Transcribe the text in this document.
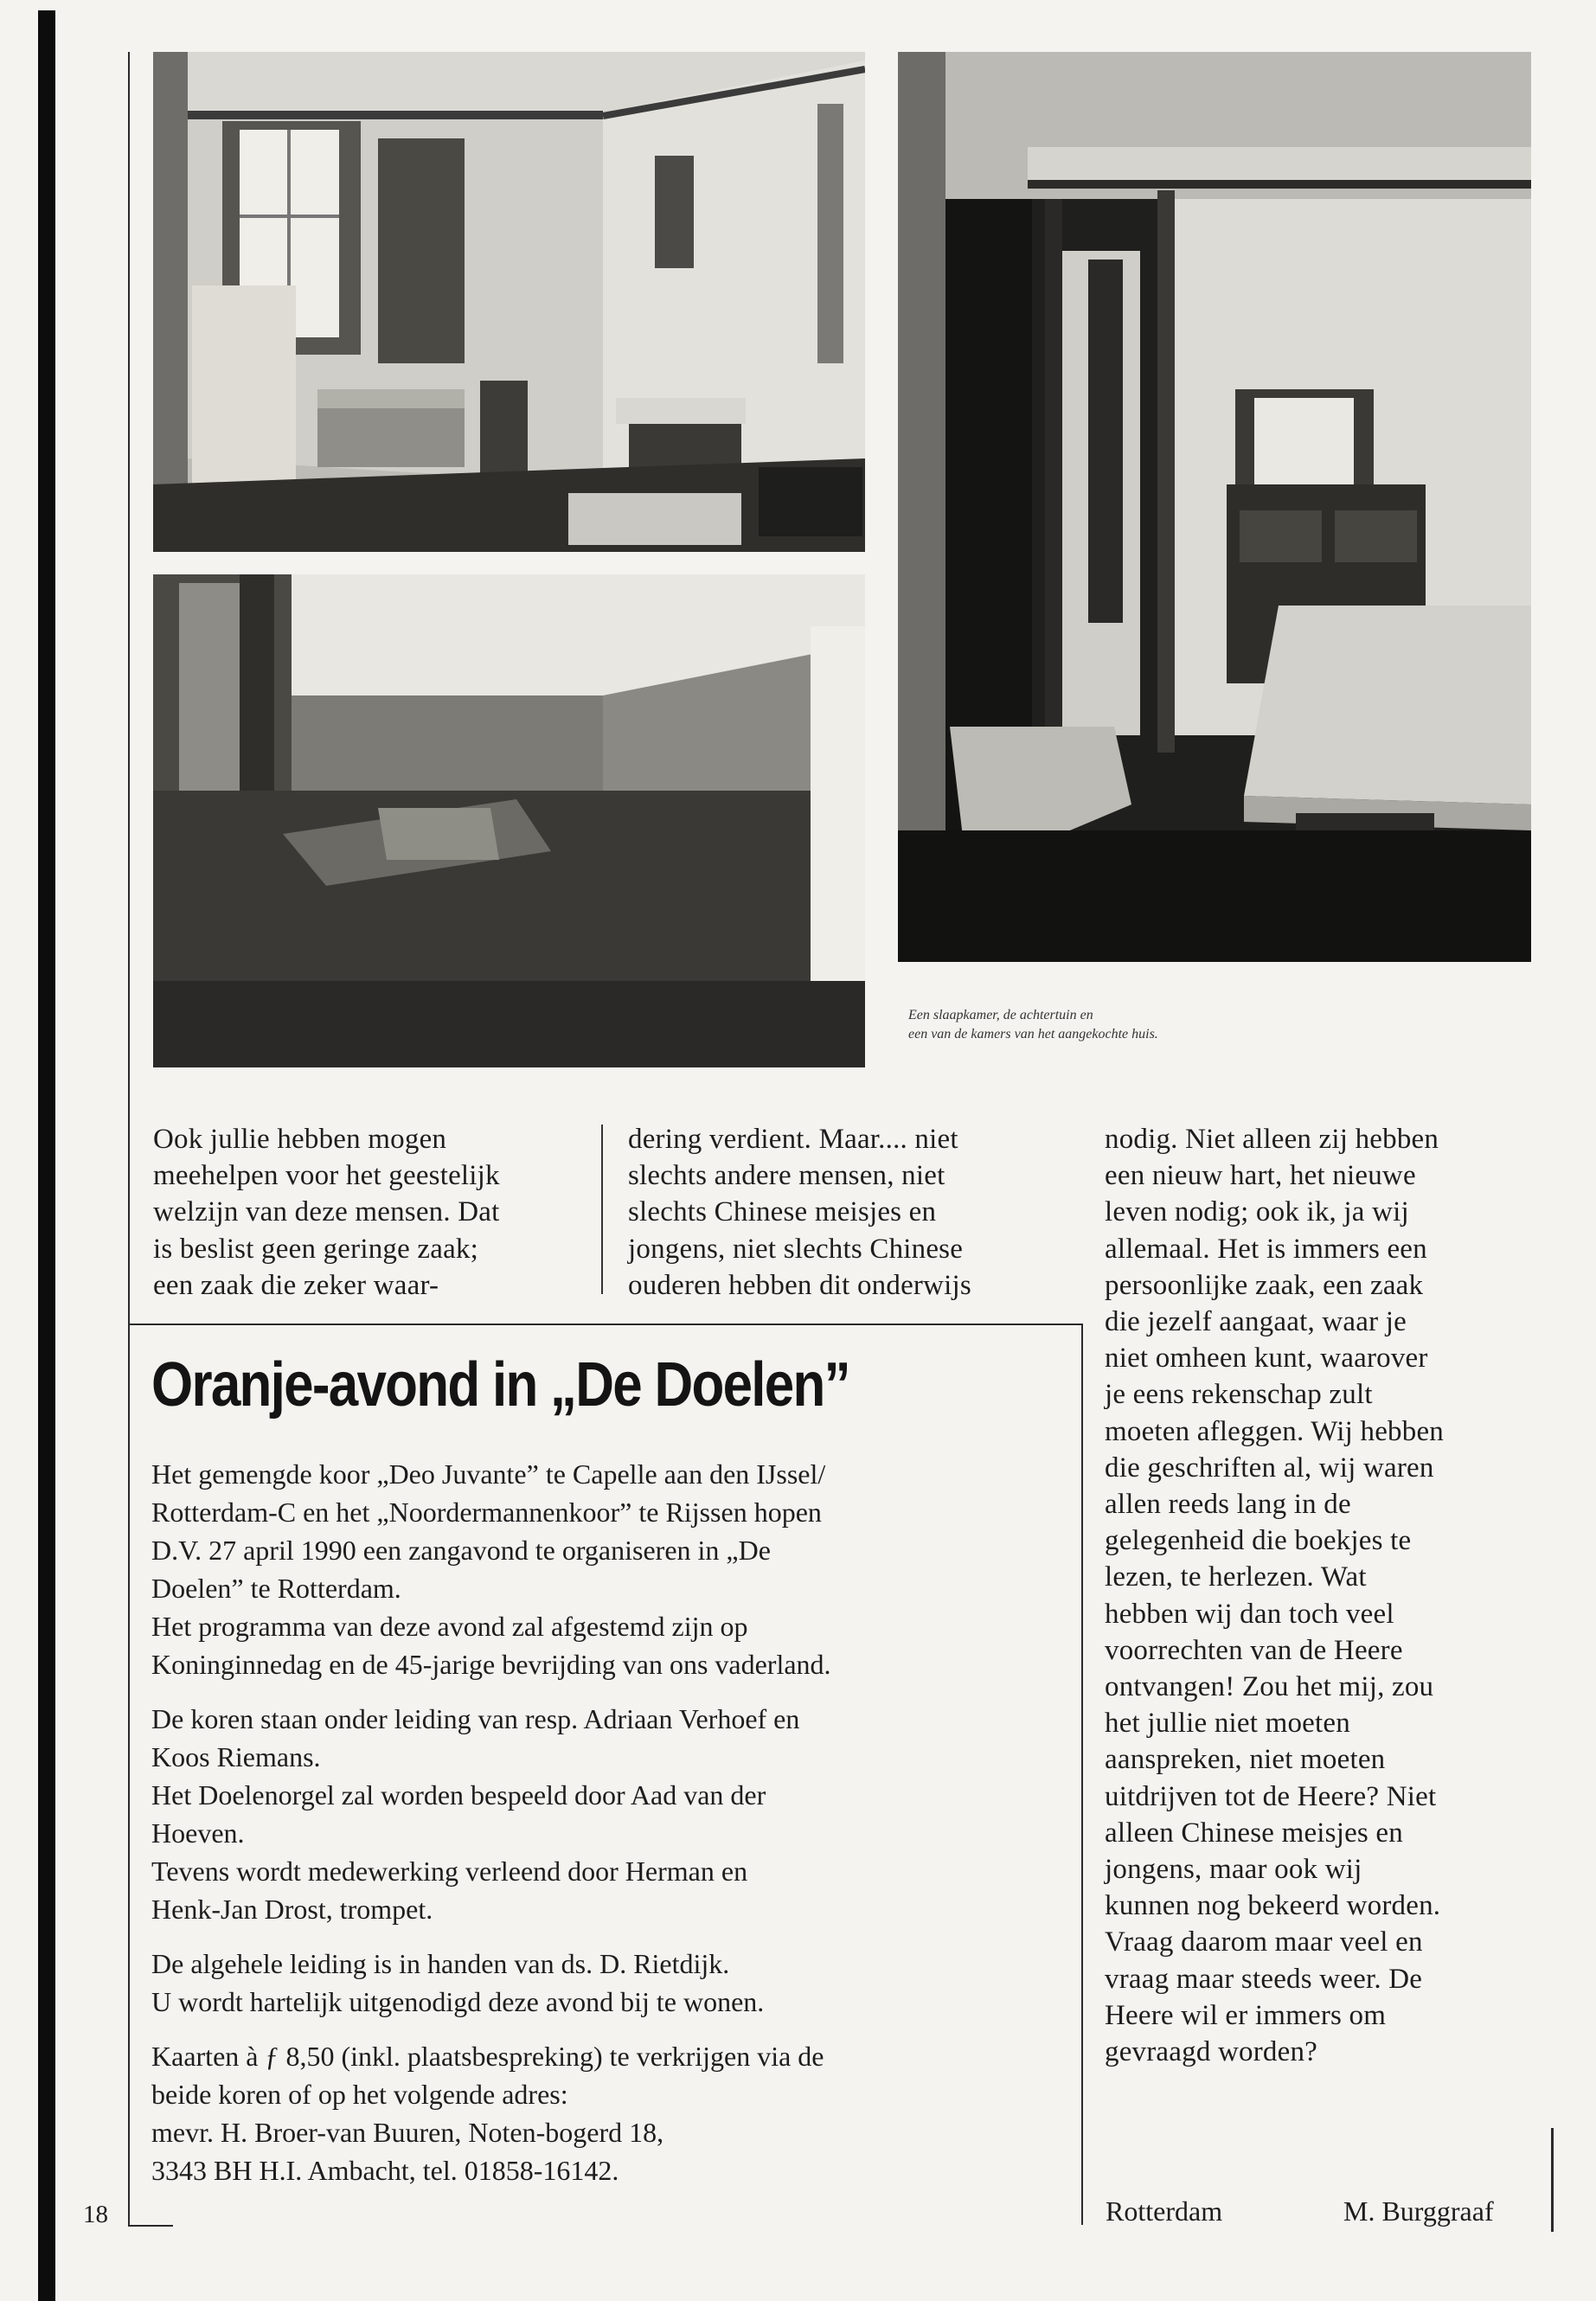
Een slaapkamer, de achtertuin en
een van de kamers van het aangekochte huis.
Ook jullie hebben mogen
meehelpen voor het geestelijk
welzijn van deze mensen. Dat
is beslist geen geringe zaak;
een zaak die zeker waar-
dering verdient. Maar.... niet
slechts andere mensen, niet
slechts Chinese meisjes en
jongens, niet slechts Chinese
ouderen hebben dit onderwijs
nodig. Niet alleen zij hebben
een nieuw hart, het nieuwe
leven nodig; ook ik, ja wij
allemaal. Het is immers een
persoonlijke zaak, een zaak
die jezelf aangaat, waar je
niet omheen kunt, waarover
je eens rekenschap zult
moeten afleggen. Wij hebben
die geschriften al, wij waren
allen reeds lang in de
gelegenheid die boekjes te
lezen, te herlezen. Wat
hebben wij dan toch veel
voorrechten van de Heere
ontvangen! Zou het mij, zou
het jullie niet moeten
aanspreken, niet moeten
uitdrijven tot de Heere? Niet
alleen Chinese meisjes en
jongens, maar ook wij
kunnen nog bekeerd worden.
Vraag daarom maar veel en
vraag maar steeds weer. De
Heere wil er immers om
gevraagd worden?
Oranje-avond in „De Doelen”

Het gemengde koor „Deo Juvante” te Capelle aan den IJssel/
Rotterdam-C en het „Noordermannenkoor” te Rijssen hopen
D.V. 27 april 1990 een zangavond te organiseren in „De
Doelen” te Rotterdam.
Het programma van deze avond zal afgestemd zijn op
Koninginnedag en de 45-jarige bevrijding van ons vaderland.

De koren staan onder leiding van resp. Adriaan Verhoef en
Koos Riemans.
Het Doelenorgel zal worden bespeeld door Aad van der
Hoeven.
Tevens wordt medewerking verleend door Herman en
Henk-Jan Drost, trompet.

De algehele leiding is in handen van ds. D. Rietdijk.
U wordt hartelijk uitgenodigd deze avond bij te wonen.

Kaarten à ƒ 8,50 (inkl. plaatsbespreking) te verkrijgen via de
beide koren of op het volgende adres:
mevr. H. Broer-van Buuren, Noten-bogerd 18,
3343 BH H.I. Ambacht, tel. 01858-16142.

18	Rotterdam	M. Burggraaf
